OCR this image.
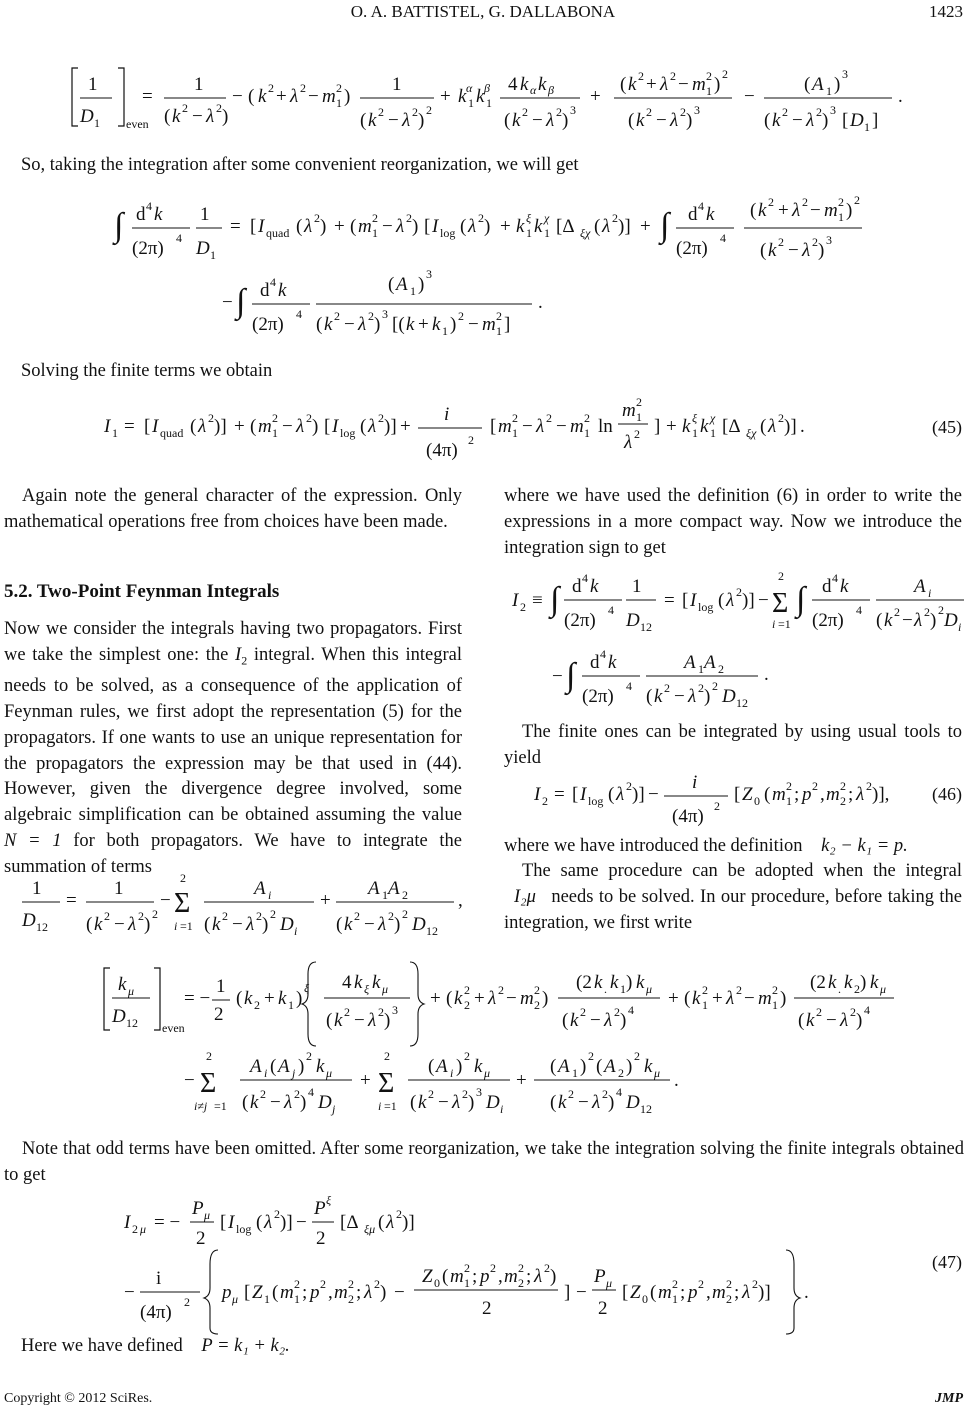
O. A. BATTISTEL, G. DALLABONA	1423
1
D 1 even
=
1
( k 2 − λ 2 )
− ( k 2 + λ 2 − m 2
1 )
1
( k 2 − λ 2 ) 2
+ k 1
α k 1
β 4 k α k β
( k 2 − λ 2 ) 3
+
( k 2 + λ 2 − m 2
1 ) 2
( k 2 − λ 2 ) 3
−
( A 1 ) 3
( k 2 − λ 2 ) 3 [ D 1 ]
.

So, taking the integration after some convenient reorganization, we will get

∫ d 4 k
(2π) 4
1
D 1
= [ I quad ( λ 2 ) + ( m 2
1 − λ 2 ) [ I log ( λ 2 ) + k 1
ξ k 1
χ [Δ ξχ ( λ 2 )] + ∫ d 4 k
(2π) 4
( k 2 + λ 2 − m 2
1 ) 2
( k 2 − λ 2 ) 3
− ∫ d 4 k
(2π) 4
( A 1 ) 3
( k 2 − λ 2 ) 3 [( k + k 1 ) 2 − m 2
1 ]
.

Solving the finite terms we obtain

I 1 = [ I quad ( λ 2 )] + ( m 2
1 − λ 2 ) [ I log ( λ 2 )] +
i
(4π) 2
[ m 2
1 − λ 2 − m 2
1 ln
m 2
1
λ 2 ] + k 1
ξ k 1
χ [Δ ξχ ( λ 2 )] .	(45)

Again note the general character of the expression. Only mathematical operations free from choices have been made.

5.2. Two-Point Feynman Integrals

Now we consider the integrals having two propagators. First we take the simplest one: the $I_2$ integral. When this integral needs to be solved, as a consequence of the application of Feynman rules, we first adopt the representation (5) for the propagators. If one wants to use an unique representation for the propagators the expression may be that used in (44). However, given the divergence degree involved, some algebraic simplification can be obtained assuming the value N = 1 for both propagators. We have to integrate the summation of terms

1
D 12
=
1
( k 2 − λ 2 ) 2
− Σ
2
i =1
A i
( k 2 − λ 2 ) 2 D i
+
A 1 A 2
( k 2 − λ 2 ) 2 D 12
,

where we have used the definition (6) in order to write the expressions in a more compact way. Now we introduce the integration sign to get

I 2 ≡ ∫ d 4 k
(2π) 4
1
D 12
= [ I log ( λ 2 )] − Σ
2
i =1
∫ d 4 k
(2π) 4
A i
( k 2 − λ 2 ) 2 D i
− ∫ d 4 k
(2π) 4
A 1 A 2
( k 2 − λ 2 ) 2 D 12
.

The finite ones can be integrated by using usual tools to yield

I 2 = [ I log ( λ 2 )] −
i
(4π) 2
[ Z 0 ( m 2
1 ; p 2 , m 2
2 ; λ 2 )], (46)

where we have introduced the definition k₂ − k₁ = p.

The same procedure can be adopted when the integral I₂μ needs to be solved. In our procedure, before taking the integration, we first write

k μ
D 12 even
= −
1
2
( k 2 + k 1 ) ξ 4 k ξ k μ
( k 2 − λ 2 ) 3
+ ( k 2
2 + λ 2 − m 2
2 )
(2 k . k 1 ) k μ
( k 2 − λ 2 ) 4
+ ( k 2
1 + λ 2 − m 2
1 )
(2 k . k 2 ) k μ
( k 2 − λ 2 ) 4
− Σ
2
i≠j =1
A i ( A j ) 2 k μ
( k 2 − λ 2 ) 4 D j
+ Σ
2
i =1
( A i ) 2 k μ
( k 2 − λ 2 ) 3 D i
+
( A 1 ) 2 ( A 2 ) 2 k μ
( k 2 − λ 2 ) 4 D 12
.

Note that odd terms have been omitted. After some reorganization, we take the integration solving the finite integrals obtained to get

I 2 μ = −
P μ
2
[ I log ( λ 2 )] −
P ξ
2
[Δ ξμ ( λ 2 )]
−
i
(4π) 2 p μ [ Z 1 ( m 2
1 ; p 2 , m 2
2 ; λ 2 ) −
Z 0 ( m 2
1 ; p 2 , m 2
2 ; λ 2 )
2
] −
P μ
2
[ Z 0 ( m 2
1 ; p 2 , m 2
2 ; λ 2 )] .
(47)

Here we have defined P = k₁ + k₂.

Copyright © 2012 SciRes.	JMP
